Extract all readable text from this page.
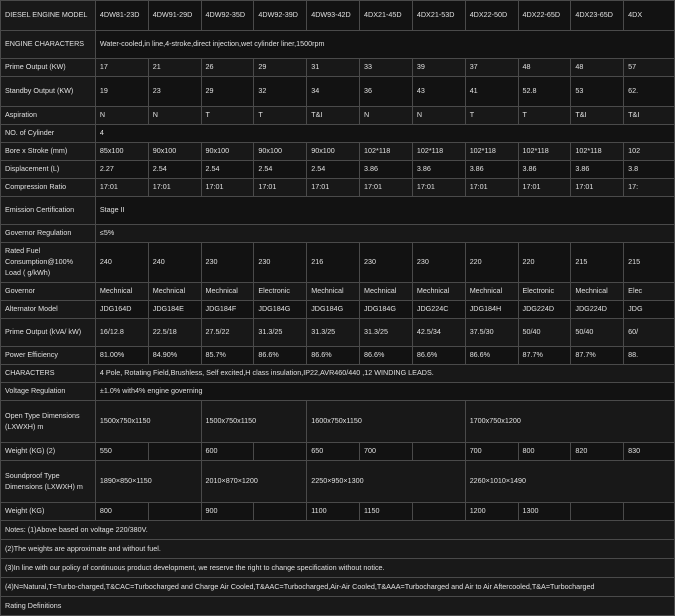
DIESEL ENGINE MODEL	4DW81-23D	4DW91-29D	4DW92-35D	4DW92-39D	4DW93-42D	4DX21-45D	4DX21-53D	4DX22-50D	4DX22-65D	4DX23-65D	4DX
ENGINE CHARACTERS	Water-cooled,in line,4-stroke,direct injection,wet cylinder liner,1500rpm										
Prime Output (KW)	17	21	26	29	31	33	39	37	48	48	57
Standby Output (KW)	19	23	29	32	34	36	43	41	52.8	53	62.
Aspiration	N	N	T	T	T&I	N	N	T	T	T&I	T&I
NO. of Cylinder	4										
Bore x Stroke (mm)	85x100	90x100	90x100	90x100	90x100	102*118	102*118	102*118	102*118	102*118	102
Displacement (L)	2.27	2.54	2.54	2.54	2.54	3.86	3.86	3.86	3.86	3.86	3.8
Compression Ratio	17:01	17:01	17:01	17:01	17:01	17:01	17:01	17:01	17:01	17:01	17:
Emission Certification	Stage II										
Governor Regulation	≤5%										
Rated Fuel Consumption@100% Load ( g/kWh)	240	240	230	230	216	230	230	220	220	215	215
Governor	Mechnical	Mechnical	Mechnical	Electronic	Mechnical	Mechnical	Mechnical	Mechnical	Electronic	Mechnical	Elec
Alternator Model	JDG164D	JDG184E	JDG184F	JDG184G	JDG184G	JDG184G	JDG224C	JDG184H	JDG224D	JDG224D	JDG
Prime Output (kVA/ kW)	16/12.8	22.5/18	27.5/22	31.3/25	31.3/25	31.3/25	42.5/34	37.5/30	50/40	50/40	60/
Power Efficiency	81.00%	84.90%	85.7%	86.6%	86.6%	86.6%	86.6%	86.6%	87.7%	87.7%	88.
CHARACTERS	4 Pole, Rotating Field,Brushless, Self excited,H class insulation,IP22,AVR460/440 ,12 WINDING LEADS.										
Voltage Regulation	±1.0% with4% engine governing										
Open Type Dimensions (LXWXH) m	1500x750x1150		1500x750x1150		1600x750x1150			1700x750x1200			
Weight (KG) (2)	550		600		650	700		700	800	820	830
Soundproof Type Dimensions (LXWXH) m	1890×850×1150		2010×870×1200		2250×950×1300			2260×1010×1490			
Weight (KG)	800		900		1100	1150		1200	1300		
Notes: (1)Above based on voltage 220/380V.											
(2)The weights are approximate and without fuel.											
(3)In line with our policy of continuous product development, we reserve the right to change specification without notice.											
(4)N=Natural,T=Turbo-charged,T&CAC=Turbocharged and Charge Air Cooled,T&AAC=Turbocharged,Air-Air Cooled,T&AAA=Turbocharged and Air to Air Aftercooled,T&A=Turbocharged											
Rating Definitions											
